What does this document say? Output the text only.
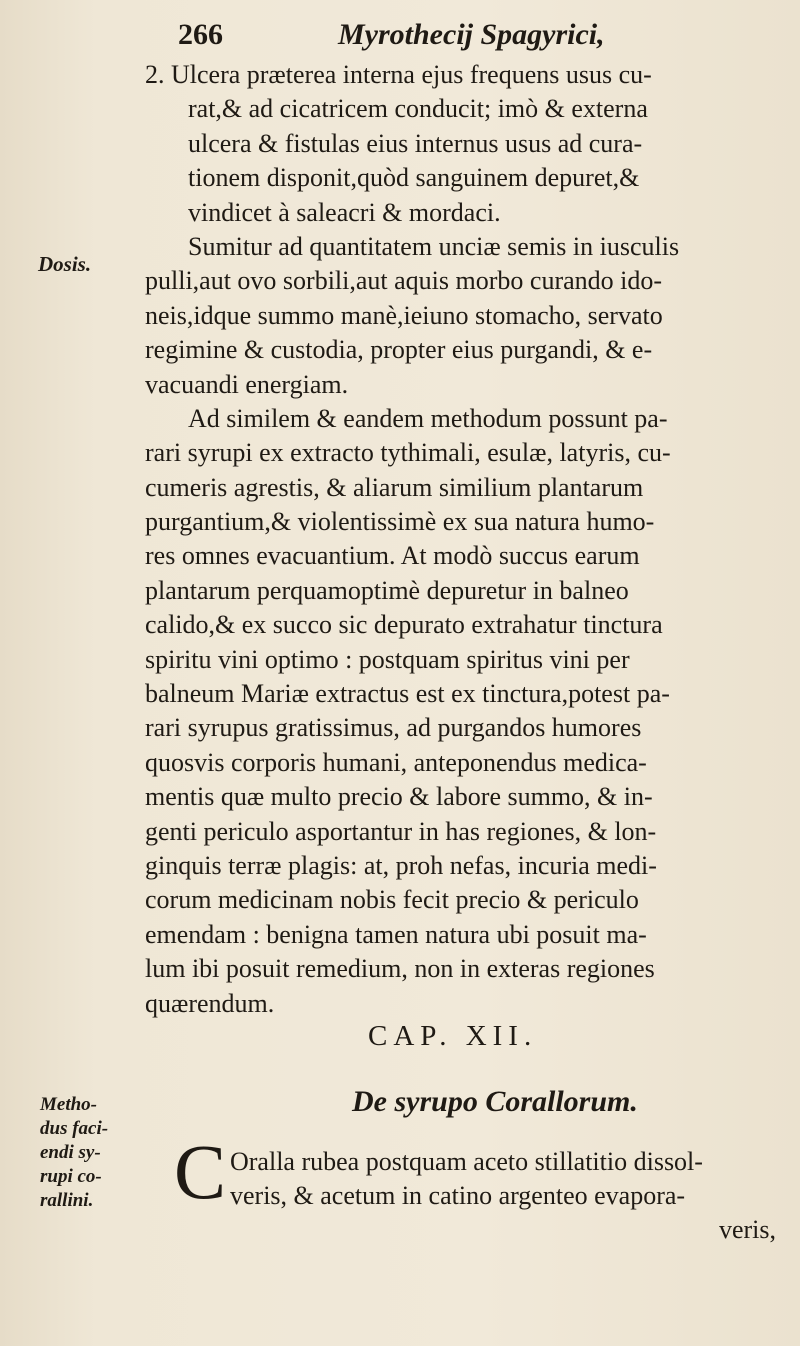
266	Myrothecij Spagyrici,
Dosis.
2. Ulcera præterea interna ejus frequens usus cu-
rat,& ad cicatricem conducit; imò & externa
ulcera & fistulas eius internus usus ad cura-
tionem disponit,quòd sanguinem depuret,&
vindicet à saleacri & mordaci.
Sumitur ad quantitatem unciæ semis in iusculis
pulli,aut ovo sorbili,aut aquis morbo curando ido-
neis,idque summo manè,ieiuno stomacho, servato
regimine & custodia, propter eius purgandi, & e-
vacuandi energiam.
Ad similem & eandem methodum possunt pa-
rari syrupi ex extracto tythimali, esulæ, latyris, cu-
cumeris agrestis, & aliarum similium plantarum
purgantium,& violentissimè ex sua natura humo-
res omnes evacuantium. At modò succus earum
plantarum perquamoptimè depuretur in balneo
calido,& ex succo sic depurato extrahatur tinctura
spiritu vini optimo : postquam spiritus vini per
balneum Mariæ extractus est ex tinctura,potest pa-
rari syrupus gratissimus, ad purgandos humores
quosvis corporis humani, anteponendus medica-
mentis quæ multo precio & labore summo, & in-
genti periculo asportantur in has regiones, & lon-
ginquis terræ plagis: at, proh nefas, incuria medi-
corum medicinam nobis fecit precio & periculo
emendam : benigna tamen natura ubi posuit ma-
lum ibi posuit remedium, non in exteras regiones
quærendum.
CAP. XII.
Metho-
dus faci-
endi sy-
rupi co-
rallini.
De syrupo Corallorum.
C Oralla rubea postquam aceto stillatitio dissol-
veris, & acetum in catino argenteo evapora-
veris,
